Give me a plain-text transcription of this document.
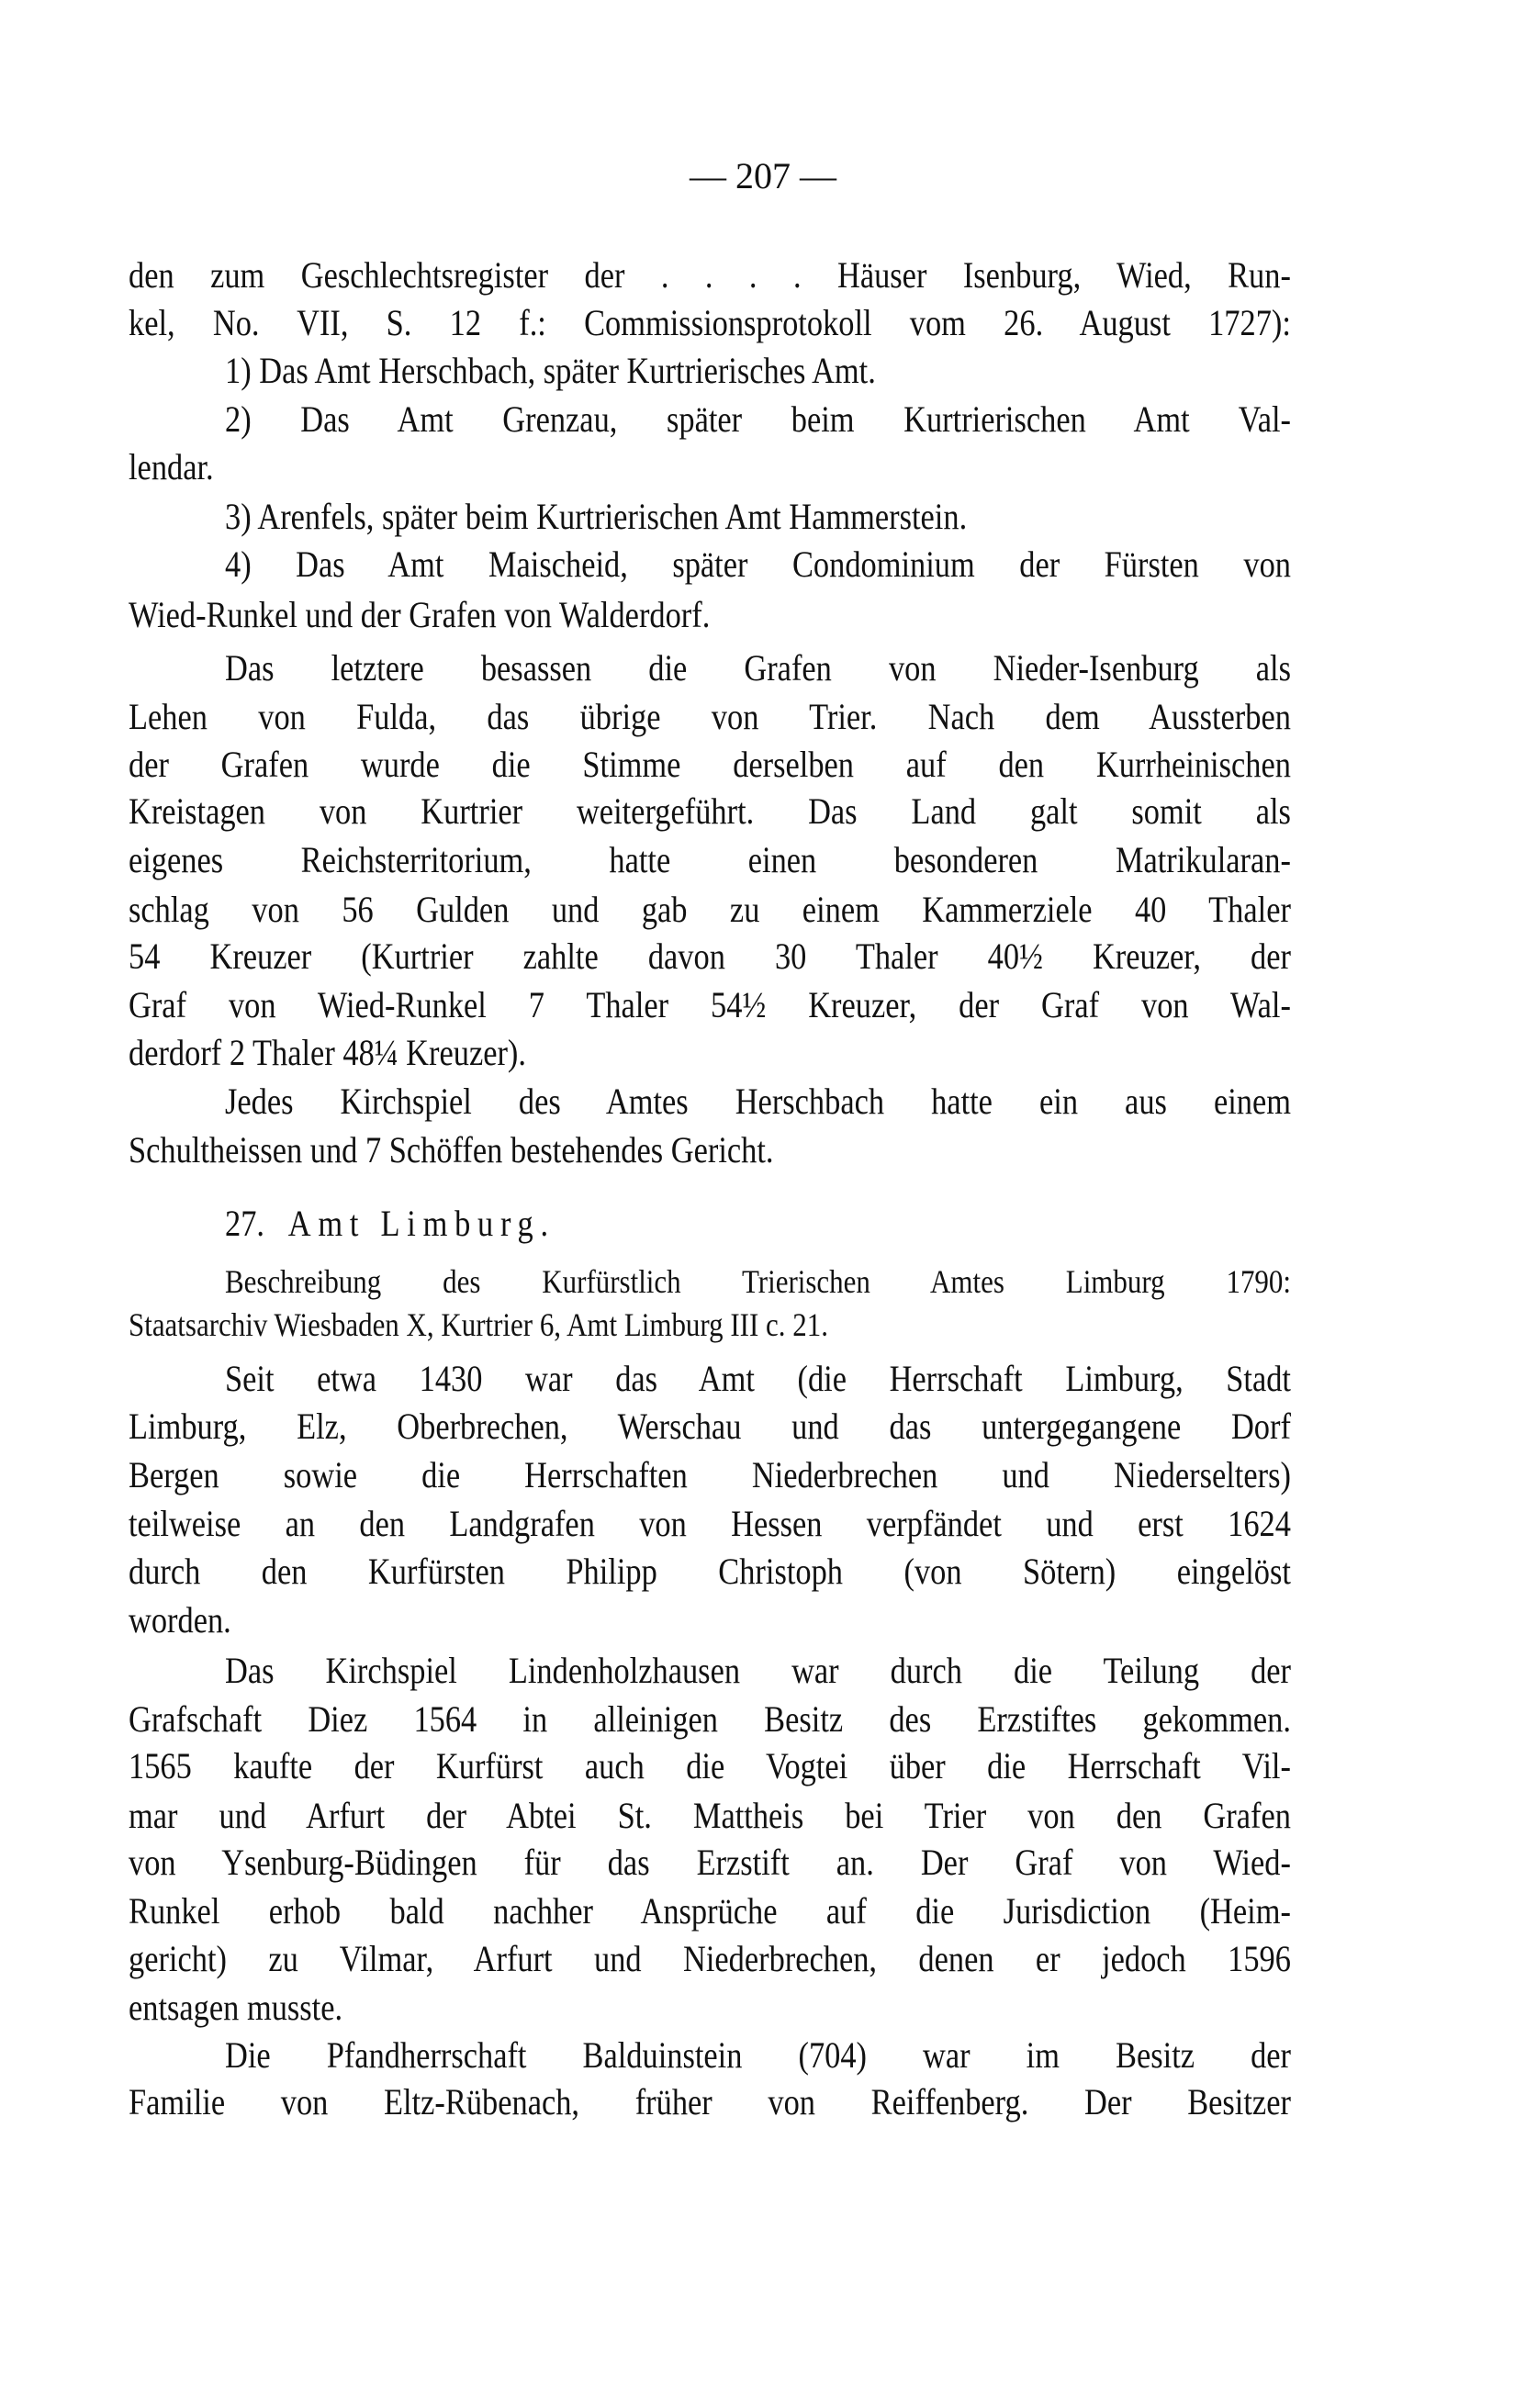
— 207 —
den zum Geschlechtsregister der . . . . Häuser Isenburg, Wied, Run-
kel, No. VII, S. 12 f.: Commissionsprotokoll vom 26. August 1727):
1) Das Amt Herschbach, später Kurtrierisches Amt.
2) Das Amt Grenzau, später beim Kurtrierischen Amt Val-
lendar.
3) Arenfels, später beim Kurtrierischen Amt Hammerstein.
4) Das Amt Maischeid, später Condominium der Fürsten von
Wied-Runkel und der Grafen von Walderdorf.
Das letztere besassen die Grafen von Nieder-Isenburg als
Lehen von Fulda, das übrige von Trier. Nach dem Aussterben
der Grafen wurde die Stimme derselben auf den Kurrheinischen
Kreistagen von Kurtrier weitergeführt. Das Land galt somit als
eigenes Reichsterritorium, hatte einen besonderen Matrikularan-
schlag von 56 Gulden und gab zu einem Kammerziele 40 Thaler
54 Kreuzer (Kurtrier zahlte davon 30 Thaler 40½ Kreuzer, der
Graf von Wied-Runkel 7 Thaler 54½ Kreuzer, der Graf von Wal-
derdorf 2 Thaler 48¼ Kreuzer).
Jedes Kirchspiel des Amtes Herschbach hatte ein aus einem
Schultheissen und 7 Schöffen bestehendes Gericht.
Beschreibung des Kurfürstlich Trierischen Amtes Limburg 1790:
Staatsarchiv Wiesbaden X, Kurtrier 6, Amt Limburg III c. 21.
Seit etwa 1430 war das Amt (die Herrschaft Limburg, Stadt
Limburg, Elz, Oberbrechen, Werschau und das untergegangene Dorf
Bergen sowie die Herrschaften Niederbrechen und Niederselters)
teilweise an den Landgrafen von Hessen verpfändet und erst 1624
durch den Kurfürsten Philipp Christoph (von Sötern) eingelöst
worden.
Das Kirchspiel Lindenholzhausen war durch die Teilung der
Grafschaft Diez 1564 in alleinigen Besitz des Erzstiftes gekommen.
1565 kaufte der Kurfürst auch die Vogtei über die Herrschaft Vil-
mar und Arfurt der Abtei St. Mattheis bei Trier von den Grafen
von Ysenburg-Büdingen für das Erzstift an. Der Graf von Wied-
Runkel erhob bald nachher Ansprüche auf die Jurisdiction (Heim-
gericht) zu Vilmar, Arfurt und Niederbrechen, denen er jedoch 1596
entsagen musste.
Die Pfandherrschaft Balduinstein (704) war im Besitz der
Familie von Eltz-Rübenach, früher von Reiffenberg. Der Besitzer
27. Amt Limburg.
